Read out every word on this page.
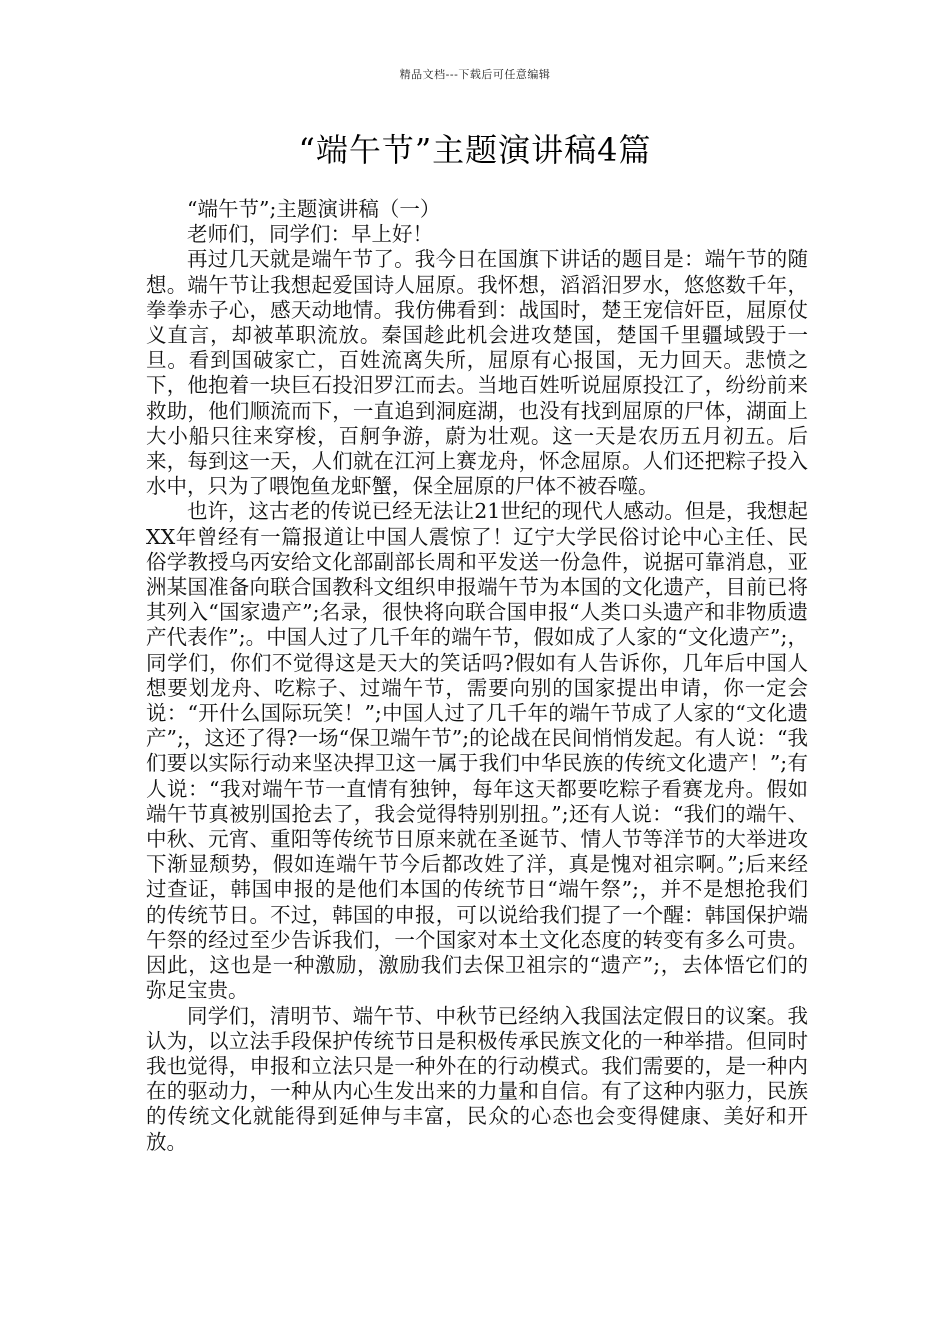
精品文档---下载后可任意编辑
“端午节”主题演讲稿4篇

“端午节”;主题演讲稿（一）

老师们，同学们：早上好！

再过几天就是端午节了。我今日在国旗下讲话的题目是：端午节的随想。端午节让我想起爱国诗人屈原。我怀想，滔滔汨罗水，悠悠数千年，拳拳赤子心，感天动地情。我仿佛看到：战国时，楚王宠信奸臣，屈原仗义直言，却被革职流放。秦国趁此机会进攻楚国，楚国千里疆域毁于一旦。看到国破家亡，百姓流离失所，屈原有心报国，无力回天。悲愤之下，他抱着一块巨石投汨罗江而去。当地百姓听说屈原投江了，纷纷前来救助，他们顺流而下，一直追到洞庭湖，也没有找到屈原的尸体，湖面上大小船只往来穿梭，百舸争游，蔚为壮观。这一天是农历五月初五。后来，每到这一天，人们就在江河上赛龙舟，怀念屈原。人们还把粽子投入水中，只为了喂饱鱼龙虾蟹，保全屈原的尸体不被吞噬。

也许，这古老的传说已经无法让21世纪的现代人感动。但是，我想起XX年曾经有一篇报道让中国人震惊了！辽宁大学民俗讨论中心主任、民俗学教授乌丙安给文化部副部长周和平发送一份急件，说据可靠消息，亚洲某国准备向联合国教科文组织申报端午节为本国的文化遗产，目前已将其列入“国家遗产”;名录，很快将向联合国申报“人类口头遗产和非物质遗产代表作”;。中国人过了几千年的端午节，假如成了人家的“文化遗产”;，同学们，你们不觉得这是天大的笑话吗?假如有人告诉你，几年后中国人想要划龙舟、吃粽子、过端午节，需要向别的国家提出申请，你一定会说：“开什么国际玩笑！”;中国人过了几千年的端午节成了人家的“文化遗产”;，这还了得?一场“保卫端午节”;的论战在民间悄悄发起。有人说：“我们要以实际行动来坚决捍卫这一属于我们中华民族的传统文化遗产！”;有人说：“我对端午节一直情有独钟，每年这天都要吃粽子看赛龙舟。假如端午节真被别国抢去了，我会觉得特别别扭。”;还有人说：“我们的端午、中秋、元宵、重阳等传统节日原来就在圣诞节、情人节等洋节的大举进攻下渐显颓势，假如连端午节今后都改姓了洋，真是愧对祖宗啊。”;后来经过查证，韩国申报的是他们本国的传统节日“端午祭”;，并不是想抢我们的传统节日。不过，韩国的申报，可以说给我们提了一个醒：韩国保护端午祭的经过至少告诉我们，一个国家对本土文化态度的转变有多么可贵。因此，这也是一种激励，激励我们去保卫祖宗的“遗产”;，去体悟它们的弥足宝贵。

同学们，清明节、端午节、中秋节已经纳入我国法定假日的议案。我认为，以立法手段保护传统节日是积极传承民族文化的一种举措。但同时我也觉得，申报和立法只是一种外在的行动模式。我们需要的，是一种内在的驱动力，一种从内心生发出来的力量和自信。有了这种内驱力，民族的传统文化就能得到延伸与丰富，民众的心态也会变得健康、美好和开放。
